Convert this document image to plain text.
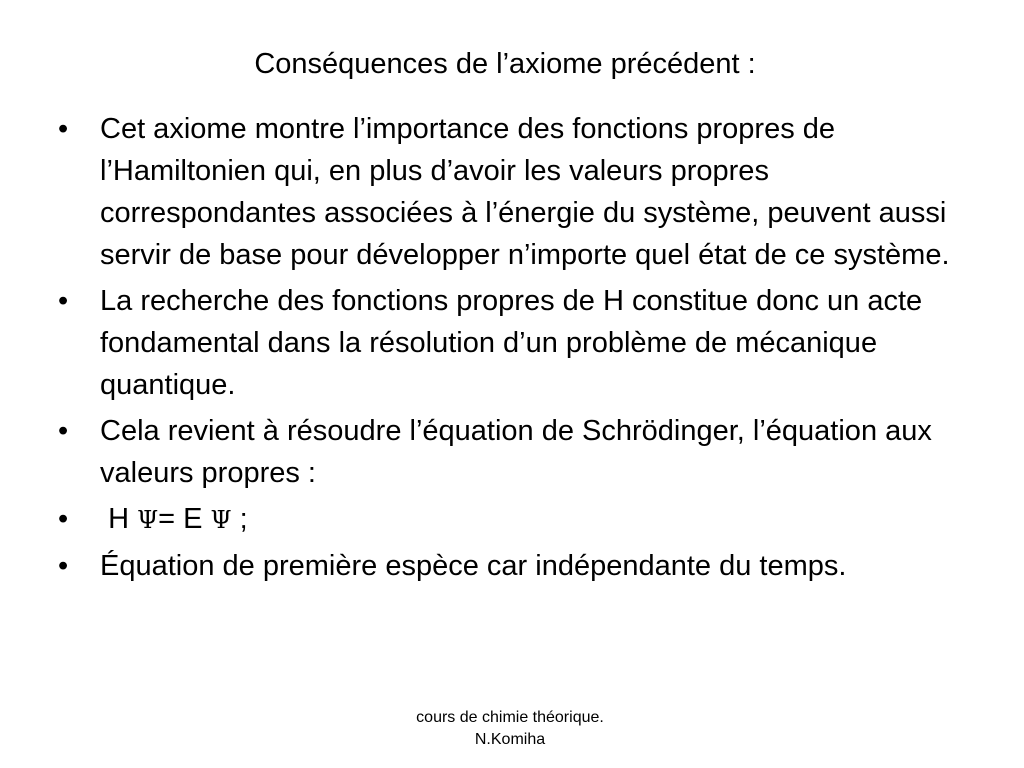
Conséquences de l’axiome précédent :
• Cet axiome montre l’importance des fonctions propres de l’Hamiltonien qui, en plus d’avoir les valeurs propres correspondantes associées à l’énergie du système, peuvent aussi servir de base pour développer n’importe quel état de ce système.
• La recherche des fonctions propres de H constitue donc un acte fondamental dans la résolution d’un problème de mécanique quantique.
• Cela revient à résoudre l’équation de Schrödinger, l’équation aux valeurs propres :
• H Ψ= E Ψ ;
• Équation de première espèce car indépendante du temps.
cours de chimie théorique.
N.Komiha
